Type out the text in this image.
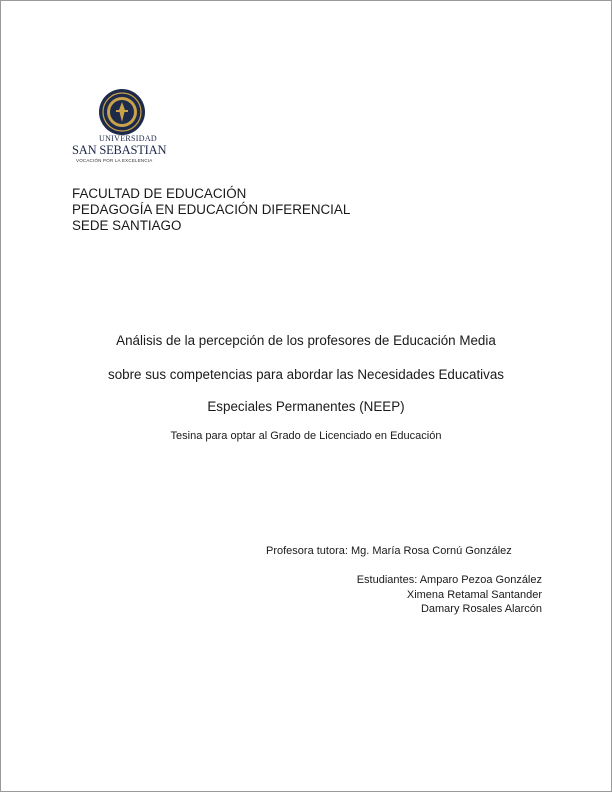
UNIVERSIDAD
SAN SEBASTIAN
VOCACIÓN POR LA EXCELENCIA
FACULTAD DE EDUCACIÓN
PEDAGOGÍA EN EDUCACIÓN DIFERENCIAL
SEDE SANTIAGO
Análisis de la percepción de los profesores de Educación Media
sobre sus competencias para abordar las Necesidades Educativas
Especiales Permanentes (NEEP)
Tesina para optar al Grado de Licenciado en Educación
Profesora tutora: Mg. María Rosa Cornú González
Estudiantes: Amparo Pezoa González
Ximena Retamal Santander
Damary Rosales Alarcón
